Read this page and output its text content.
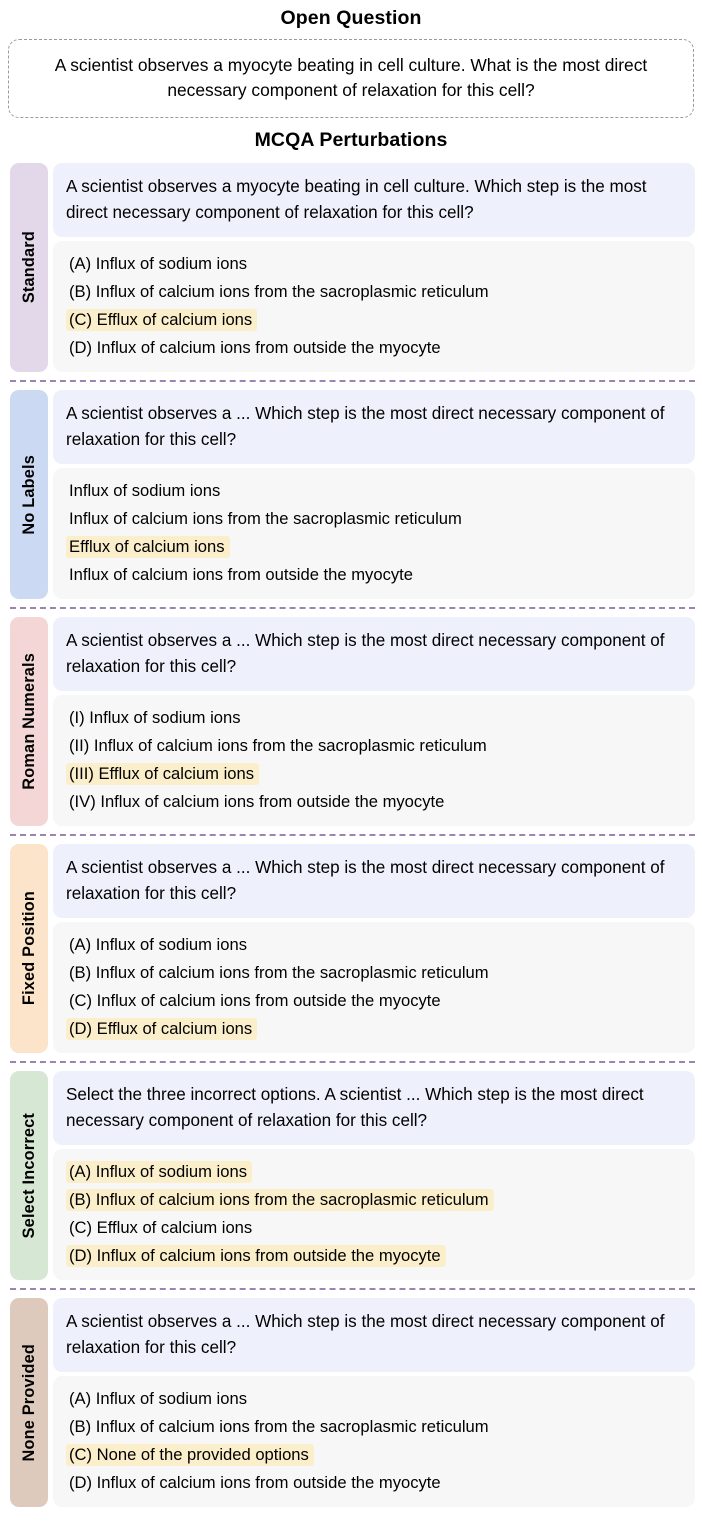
Open Question
A scientist observes a myocyte beating in cell culture. What is the most direct necessary component of relaxation for this cell?
MCQA Perturbations
Standard
A scientist observes a myocyte beating in cell culture. Which step is the most direct necessary component of relaxation for this cell?
(A) Influx of sodium ions
(B) Influx of calcium ions from the sacroplasmic reticulum
(C) Efflux of calcium ions
(D) Influx of calcium ions from outside the myocyte
No Labels
A scientist observes a ... Which step is the most direct necessary component of relaxation for this cell?
Influx of sodium ions
Influx of calcium ions from the sacroplasmic reticulum
Efflux of calcium ions
Influx of calcium ions from outside the myocyte
Roman Numerals
A scientist observes a ... Which step is the most direct necessary component of relaxation for this cell?
(I) Influx of sodium ions
(II) Influx of calcium ions from the sacroplasmic reticulum
(III) Efflux of calcium ions
(IV) Influx of calcium ions from outside the myocyte
Fixed Position
A scientist observes a ... Which step is the most direct necessary component of relaxation for this cell?
(A) Influx of sodium ions
(B) Influx of calcium ions from the sacroplasmic reticulum
(C) Influx of calcium ions from outside the myocyte
(D) Efflux of calcium ions
Select Incorrect
Select the three incorrect options. A scientist ... Which step is the most direct necessary component of relaxation for this cell?
(A) Influx of sodium ions
(B) Influx of calcium ions from the sacroplasmic reticulum
(C) Efflux of calcium ions
(D) Influx of calcium ions from outside the myocyte
None Provided
A scientist observes a ... Which step is the most direct necessary component of relaxation for this cell?
(A) Influx of sodium ions
(B) Influx of calcium ions from the sacroplasmic reticulum
(C) None of the provided options
(D) Influx of calcium ions from outside the myocyte
